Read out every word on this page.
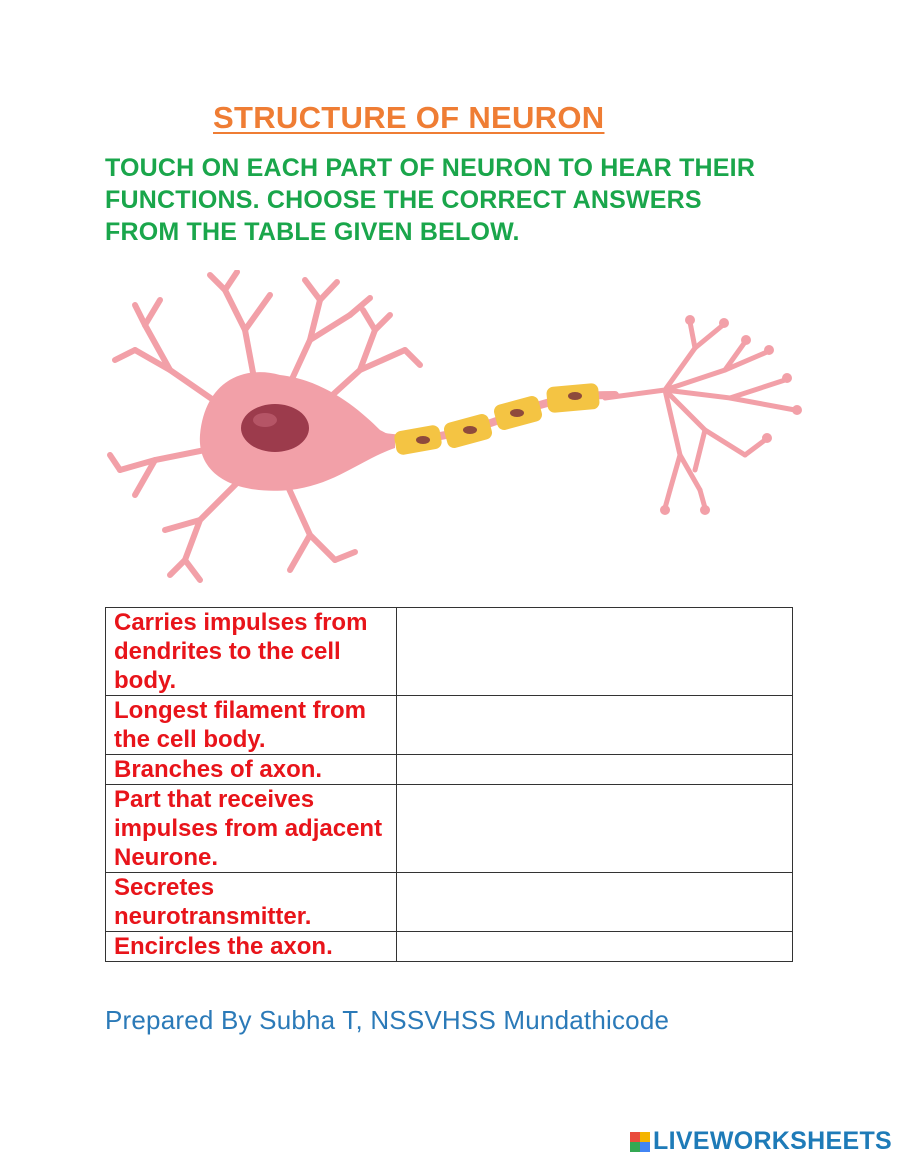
STRUCTURE OF NEURON
TOUCH ON EACH PART OF NEURON TO HEAR THEIR FUNCTIONS. CHOOSE THE CORRECT ANSWERS FROM THE TABLE GIVEN BELOW.
Carries impulses from dendrites to the cell body.	
Longest filament from the cell body.	
Branches of axon.	
Part that receives impulses from adjacent Neurone.	
Secretes neurotransmitter.	
Encircles the axon.	
Prepared By Subha T, NSSVHSS Mundathicode
LIVEWORKSHEETS
